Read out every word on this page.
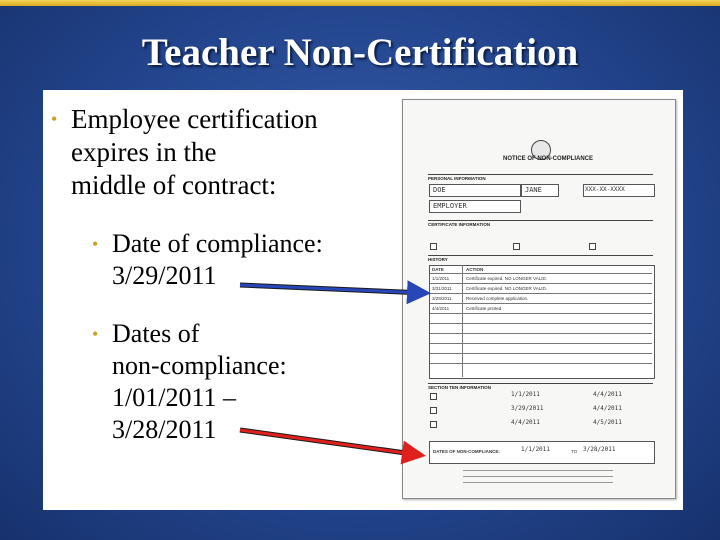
Teacher Non-Certification
• Employee certification
expires in the
middle of contract:
• Date of compliance:
3/29/2011
• Dates of
non-compliance:
1/01/2011 –
3/28/2011
NOTICE OF NON-COMPLIANCE
PERSONAL INFORMATION
DOE	JANE	XXX-XX-XXXX
EMPLOYER
CERTIFICATE INFORMATION
HISTORY
DATE	ACTION
1/1/2011	Certificate expired. NO LONGER VALID.
3/31/2011	Certificate expired. NO LONGER VALID.
3/29/2011	Received complete application.
4/4/2011	Certificate printed.
SECTION TEN INFORMATION
1/1/2011	4/4/2011
3/29/2011	4/4/2011
4/4/2011	4/5/2011
DATES OF NON-COMPLIANCE:	1/1/2011	TO 3/28/2011
